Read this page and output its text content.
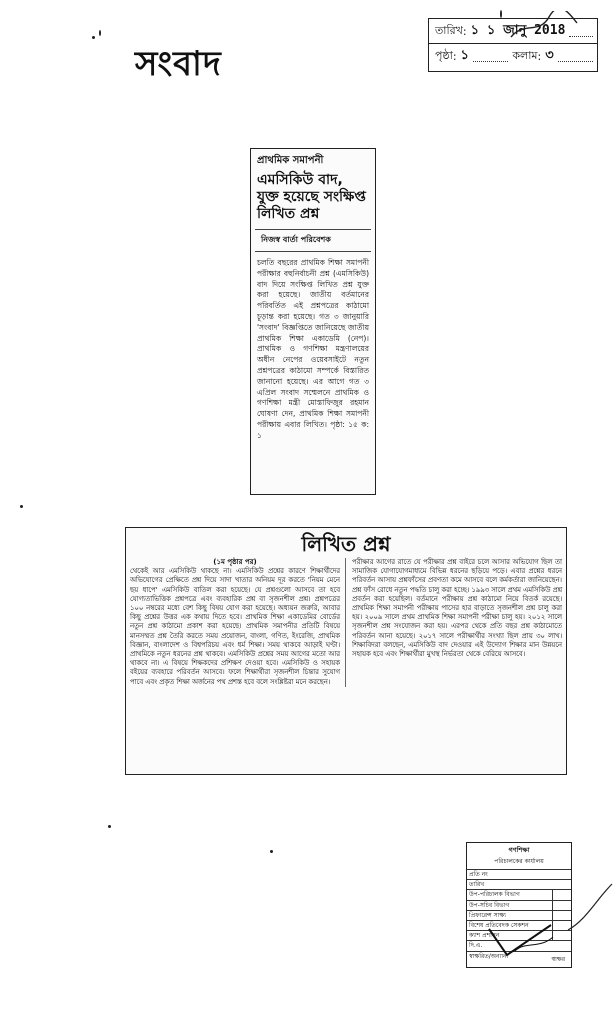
সংবাদ
তারিখ : ১ ১ জানু 2018
পৃষ্ঠা : ১	কলাম : ৩
প্রাথমিক সমাপনী
এমসিকিউ বাদ, যুক্ত হয়েছে সংক্ষিপ্ত লিখিত প্রশ্ন
নিজস্ব বার্তা পরিবেশক
চলতি বছরের প্রাথমিক শিক্ষা সমাপনী পরীক্ষার বহুনির্বাচনী প্রশ্ন (এমসিকিউ) বাদ দিয়ে সংক্ষিপ্ত লিখিত প্রশ্ন যুক্ত করা হয়েছে। জাতীয় বর্তমানের পরিবর্তিত এই প্রশ্নপত্রের কাঠামো চূড়ান্ত করা হয়েছে। গত ৩ জানুয়ারি 'সংবাদ' বিজ্ঞপ্তিতে জানিয়েছে জাতীয় প্রাথমিক শিক্ষা একাডেমি (নেপ)। প্রাথমিক ও গণশিক্ষা মন্ত্রণালয়ের অধীন নেপের ওয়েবসাইটে নতুন প্রশ্নপত্রের কাঠামো সম্পর্কে বিস্তারিত জানানো হয়েছে। এর আগে গত ৩ এপ্রিল সংবাদ সম্মেলনে প্রাথমিক ও গণশিক্ষা মন্ত্রী মোস্তাফিজুর রহমান ঘোষণা দেন, প্রাথমিক শিক্ষা সমাপনী পরীক্ষায় এবার লিখিত। পৃষ্ঠা: ১৫ ক: ১
লিখিত প্রশ্ন
(১ম পৃষ্ঠার পর)
থেকেই আর এমসিকিউ থাকছে না। এমসিকিউ প্রশ্নের কারণে শিক্ষার্থীদের অভিযোগের প্রেক্ষিতে প্রশ্ন দিয়ে সাদা খাতার অনিয়ম দূর করতে 'নিয়ম মেনে ছয় ধাপে' এমসিকিউ বাতিল করা হয়েছে। যে প্রশ্নগুলো আসবে তা হবে যোগ্যতাভিত্তিক প্রশ্নপত্রে এবং ব্যবহারিক প্রশ্ন বা সৃজনশীল প্রশ্ন। প্রশ্নপত্রের ১০০ নম্বরের মধ্যে বেশ কিছু বিষয় যোগ করা হয়েছে। অধ্যয়ন জরুরি, আবার কিছু প্রশ্নের উত্তর এক কথায় দিতে হবে। প্রাথমিক শিক্ষা একাডেমির বোর্ডের নতুন প্রশ্ন কাঠামো প্রকাশ করা হয়েছে। প্রাথমিক সমাপনীর প্রতিটি বিষয়ে মানসম্মত প্রশ্ন তৈরি করতে সময় প্রয়োজন, বাংলা, গণিত, ইংরেজি, প্রাথমিক বিজ্ঞান, বাংলাদেশ ও বিশ্বপরিচয় এবং ধর্ম শিক্ষা। সময় থাকবে আড়াই ঘণ্টা। প্রাথমিকে নতুন ধরনের প্রশ্ন থাকবে। এমসিকিউ প্রশ্নের সময় আগের মতো আর থাকবে না। এ বিষয়ে শিক্ষকদের প্রশিক্ষণ দেওয়া হবে। এমসিকিউ ও সহায়ক বইয়ের ব্যবহারে পরিবর্তন আসবে। ফলে শিক্ষার্থীরা সৃজনশীল চিন্তার সুযোগ পাবে এবং প্রকৃত শিক্ষা অর্জনের পথ প্রশস্ত হবে বলে সংশ্লিষ্টরা মনে করছেন।
পরীক্ষার আগের রাতে যে পরীক্ষার প্রশ্ন বাইরে চলে আসার অভিযোগ ছিল তা সামাজিক যোগাযোগমাধ্যমে বিভিন্ন ধরনের ছড়িয়ে পড়ে। এবার প্রশ্নের ধরনে পরিবর্তন আসায় প্রশ্নফাঁসের প্রবণতা কমে আসবে বলে কর্মকর্তারা জানিয়েছেন। প্রশ্ন ফাঁস রোধে নতুন পদ্ধতি চালু করা হচ্ছে। ১৯৯৩ সালে প্রথম এমসিকিউ প্রশ্ন প্রবর্তন করা হয়েছিল। বর্তমানে পরীক্ষায় প্রশ্ন কাঠামো নিয়ে বিতর্ক রয়েছে। প্রাথমিক শিক্ষা সমাপনী পরীক্ষায় পাসের হার বাড়াতে সৃজনশীল প্রশ্ন চালু করা হয়। ২০০৯ সালে প্রথম প্রাথমিক শিক্ষা সমাপনী পরীক্ষা চালু হয়। ২০১২ সালে সৃজনশীল প্রশ্ন সংযোজন করা হয়। এরপর থেকে প্রতি বছর প্রশ্ন কাঠামোতে পরিবর্তন আনা হয়েছে। ২০১৭ সালে পরীক্ষার্থীর সংখ্যা ছিল প্রায় ৩০ লাখ। শিক্ষাবিদরা বলছেন, এমসিকিউ বাদ দেওয়ার এই উদ্যোগ শিক্ষার মান উন্নয়নে সহায়ক হবে এবং শিক্ষার্থীরা মুখস্থ নির্ভরতা থেকে বেরিয়ে আসবে।
গণশিক্ষা
পরিচালকের কার্যালয়
প্রতি নং
তারিখ
উপ-পরিচালক বিভাগ
উপ-সচিব বিভাগ
প্রিফারেন্স সাক্ষ্য
বিশেষ প্রতিবেদক সেকশন
ক্যাশ প্রশাসন
দি.এ.
স্বাক্ষরিত/অন্যান্য	স্বাক্ষর
